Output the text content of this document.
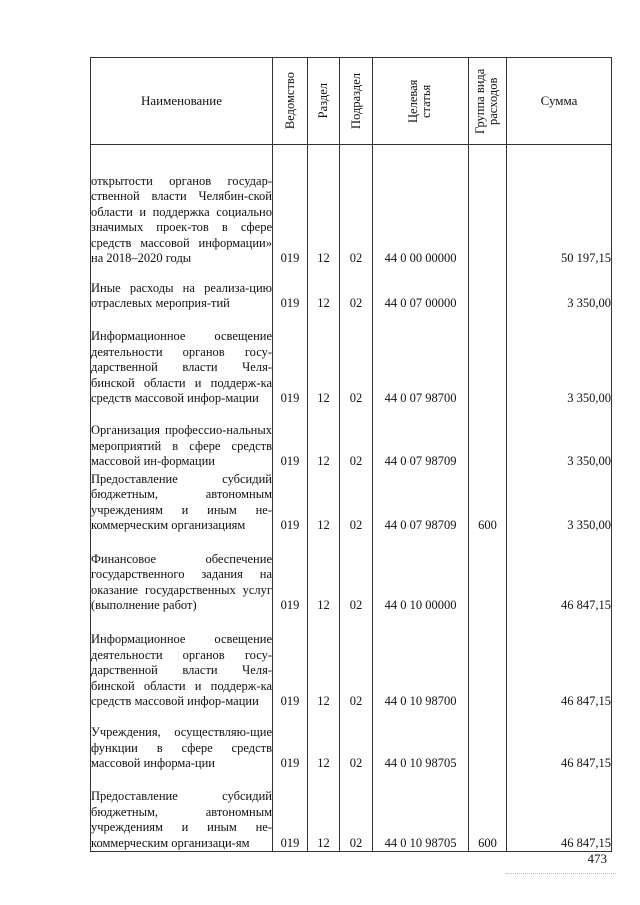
Наименование	Ведомство	Раздел	Подраздел	Целевая статья	Группа вида расходов	Сумма

открытости органов государ-ственной власти Челябин-ской области и поддержка социально значимых проек-тов в сфере средств массовой информации» на 2018–2020 годы	019	12	02	44 0 00 00000		50 197,15
Иные расходы на реализа-цию отраслевых мероприя-тий	019	12	02	44 0 07 00000		3 350,00
Информационное освещение деятельности органов госу-дарственной власти Челя-бинской области и поддерж-ка средств массовой инфор-мации	019	12	02	44 0 07 98700		3 350,00
Организация профессио-нальных мероприятий в сфере средств массовой ин-формации	019	12	02	44 0 07 98709		3 350,00
Предоставление субсидий бюджетным, автономным учреждениям и иным не-коммерческим организациям	019	12	02	44 0 07 98709	600	3 350,00
Финансовое обеспечение государственного задания на оказание государственных услуг (выполнение работ)	019	12	02	44 0 10 00000		46 847,15
Информационное освещение деятельности органов госу-дарственной власти Челя-бинской области и поддерж-ка средств массовой инфор-мации	019	12	02	44 0 10 98700		46 847,15
Учреждения, осуществляю-щие функции в сфере средств массовой информа-ции	019	12	02	44 0 10 98705		46 847,15
Предоставление субсидий бюджетным, автономным учреждениям и иным не-коммерческим организаци-ям	019	12	02	44 0 10 98705	600	46 847,15
473
